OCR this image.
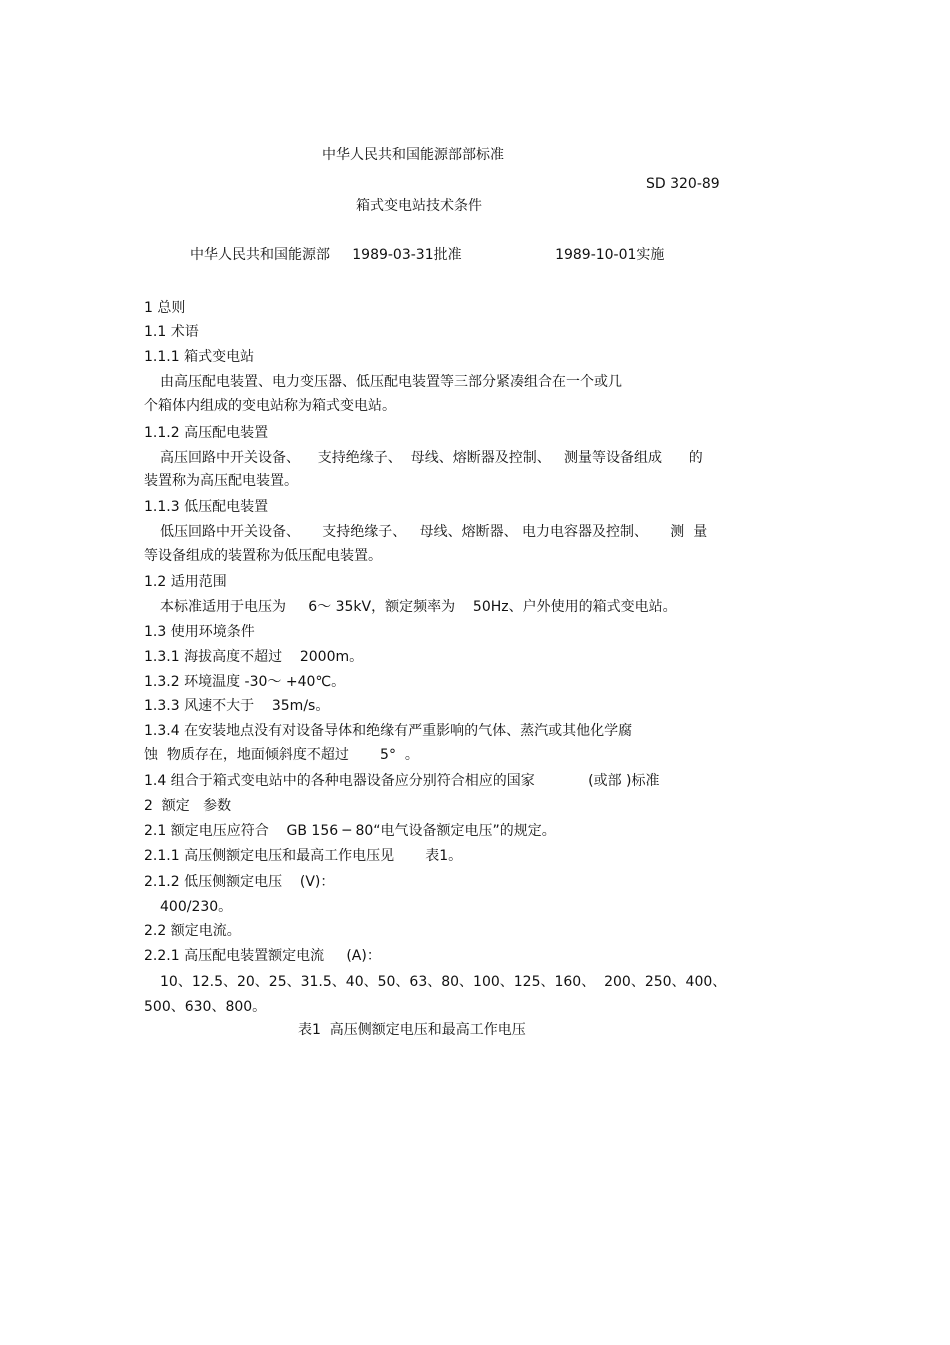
中华人民共和国能源部部标准

SD 320-89

箱式变电站技术条件

中华人民共和国能源部     1989-03-31批准                     1989-10-01实施

1 总则

1.1 术语

1.1.1 箱式变电站

由高压配电装置、电力变压器、低压配电装置等三部分紧凑组合在一个或几

个箱体内组成的变电站称为箱式变电站。

1.1.2 高压配电装置

高压回路中开关设备、    支持绝缘子、  母线、熔断器及控制、   测量等设备组成      的

装置称为高压配电装置。

1.1.3 低压配电装置

低压回路中开关设备、     支持绝缘子、   母线、熔断器、 电力电容器及控制、     测  量

等设备组成的装置称为低压配电装置。

1.2 适用范围

本标准适用于电压为     6～ 35kV，额定频率为    50Hz、户外使用的箱式变电站。

1.3 使用环境条件

1.3.1 海拔高度不超过    2000m。

1.3.2 环境温度 -30～ +40℃。

1.3.3 风速不大于    35m/s。

1.3.4 在安装地点没有对设备导体和绝缘有严重影响的气体、蒸汽或其他化学腐

蚀  物质存在，地面倾斜度不超过       5°  。

1.4 组合于箱式变电站中的各种电器设备应分别符合相应的国家            (或部 )标准

2  额定   参数

2.1 额定电压应符合    GB 156 ─ 80“电气设备额定电压”的规定。

2.1.1 高压侧额定电压和最高工作电压见       表1。

2.1.2 低压侧额定电压    (V)：

400/230。

2.2 额定电流。

2.2.1 高压配电装置额定电流     (A)：

10、12.5、20、25、31.5、40、50、63、80、100、125、160、  200、250、400、

500、630、800。

表1  高压侧额定电压和最高工作电压
